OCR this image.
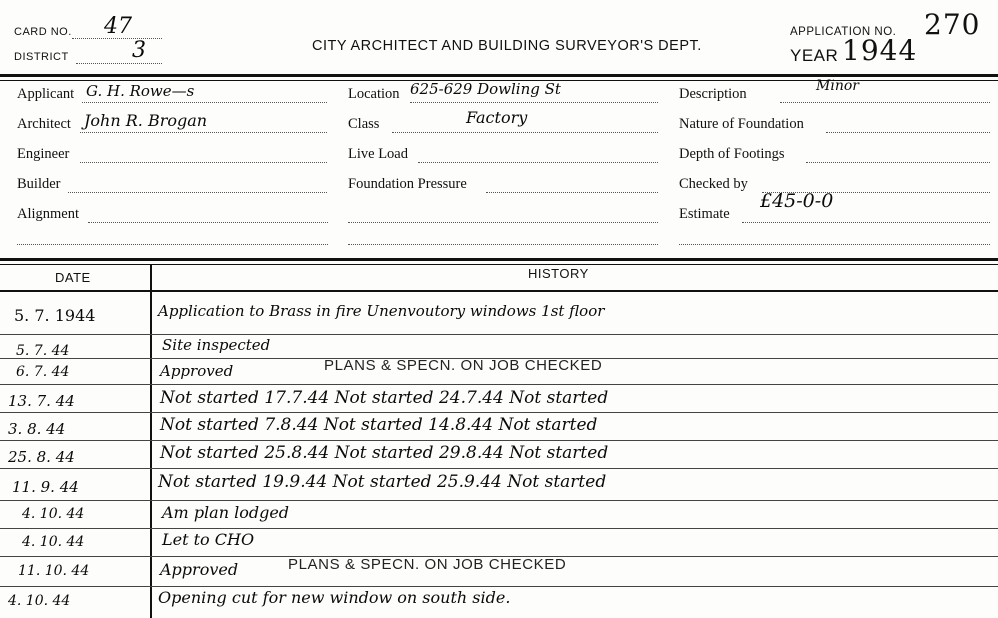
CARD NO. 47
DISTRICT	3	CITY ARCHITECT AND BUILDING SURVEYOR'S DEPT.
APPLICATION NO. 270
YEAR 1944
Applicant G. H. Rowe—s
Architect John R. Brogan
Engineer
Builder
Alignment
Location 625-629 Dowling St
Class	Factory
Live Load
Foundation Pressure
Description	Minor
Nature of Foundation
Depth of Footings
Checked by
Estimate
£45-0-0
DATE	HISTORY
5. 7. 1944	Application to Brass in fire Unenvoutory windows 1st floor
5. 7. 44	Site inspected
6. 7. 44	Approved	PLANS & SPECN. ON JOB CHECKED
13. 7. 44	Not started 17.7.44 Not started 24.7.44 Not started
3. 8. 44	Not started 7.8.44 Not started 14.8.44 Not started
25. 8. 44	Not started 25.8.44 Not started 29.8.44 Not started
11. 9. 44	Not started 19.9.44 Not started 25.9.44 Not started
4. 10. 44	Am plan lodged
4. 10. 44	Let to CHO
11. 10. 44	Approved	PLANS & SPECN. ON JOB CHECKED
4. 10. 44	Opening cut for new window on south side.
